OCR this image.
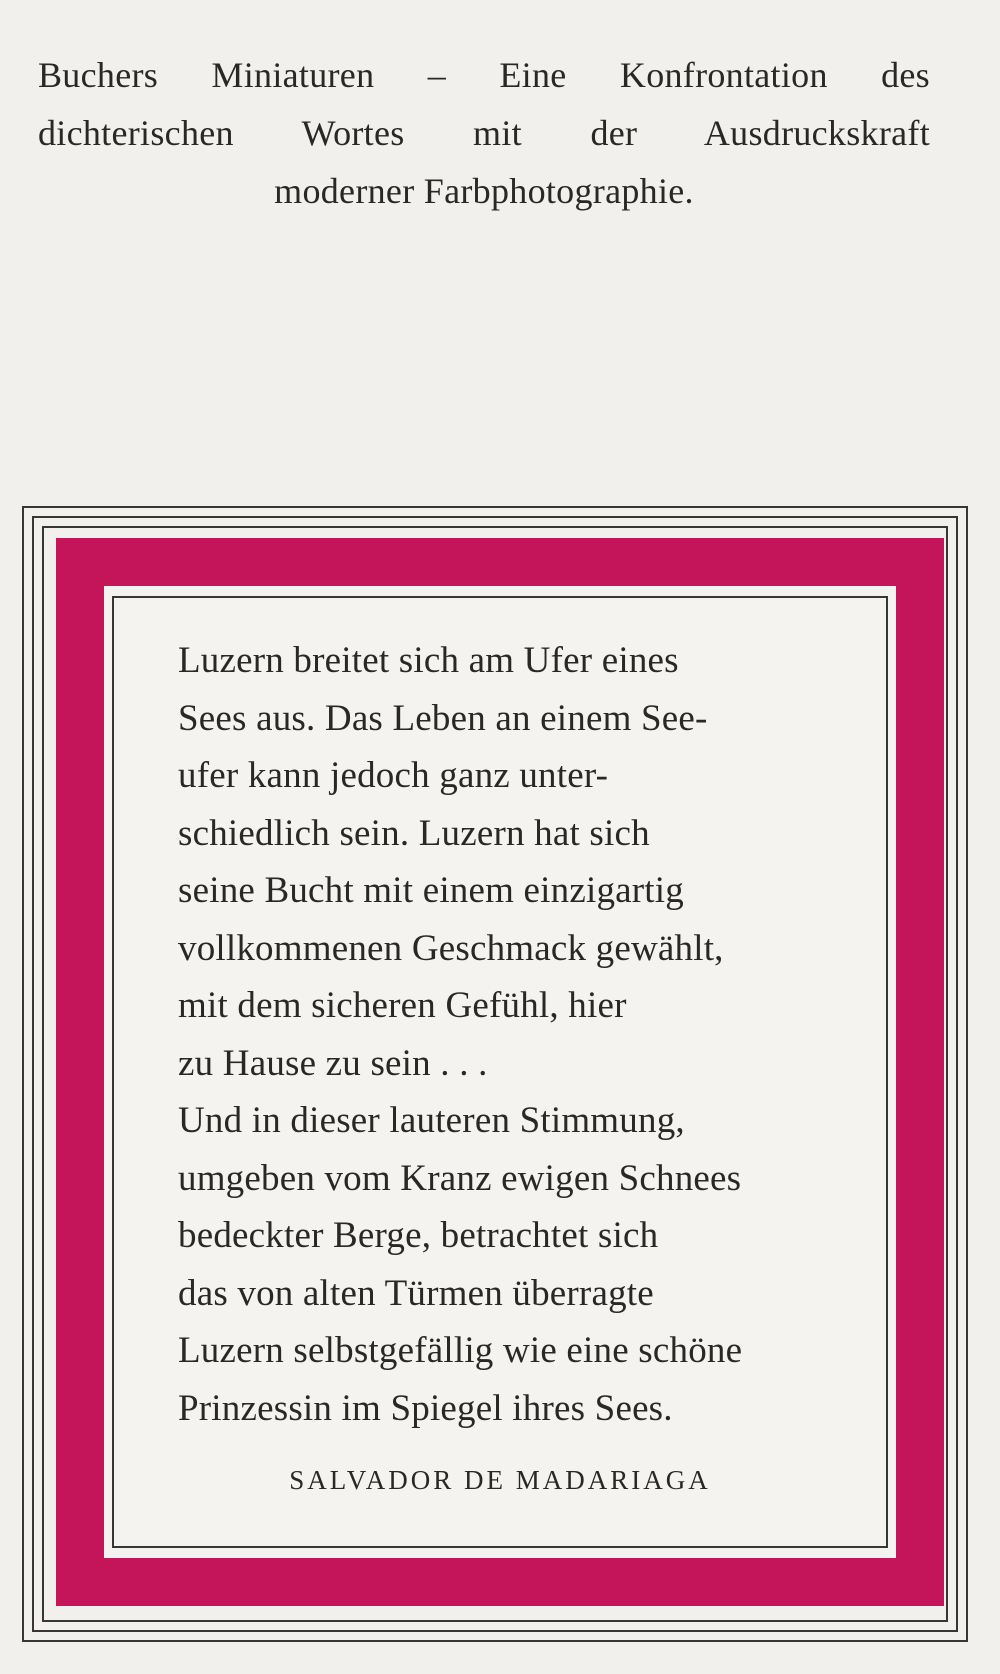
Buchers Miniaturen – Eine Konfrontation des
dichterischen Wortes mit der Ausdruckskraft
moderner Farbphotographie.
Luzern breitet sich am Ufer eines
Sees aus. Das Leben an einem See-
ufer kann jedoch ganz unter-
schiedlich sein. Luzern hat sich
seine Bucht mit einem einzigartig
vollkommenen Geschmack gewählt,
mit dem sicheren Gefühl, hier
zu Hause zu sein . . .
Und in dieser lauteren Stimmung,
umgeben vom Kranz ewigen Schnees
bedeckter Berge, betrachtet sich
das von alten Türmen überragte
Luzern selbstgefällig wie eine schöne
Prinzessin im Spiegel ihres Sees.
SALVADOR DE MADARIAGA
